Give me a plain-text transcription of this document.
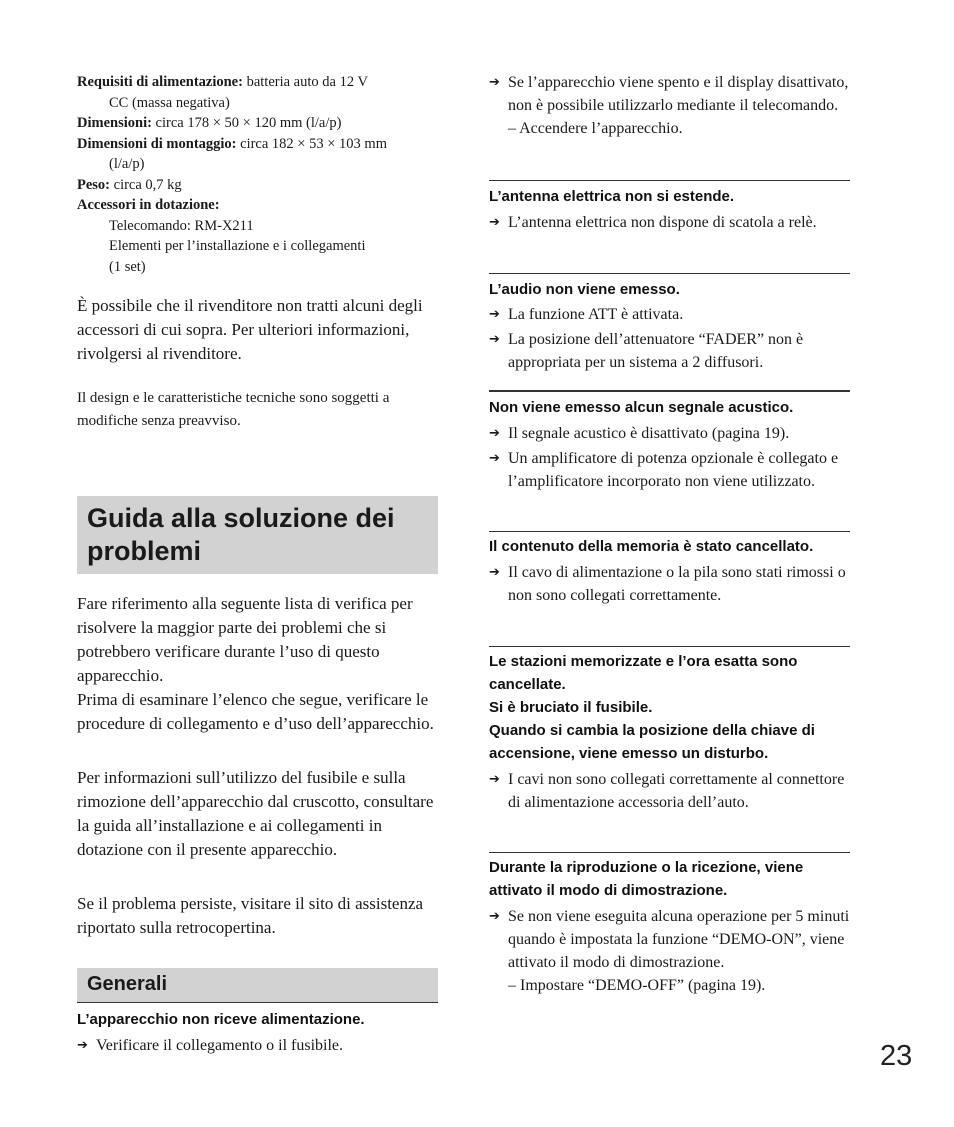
Requisiti di alimentazione: batteria auto da 12 V
CC (massa negativa)
Dimensioni: circa 178 × 50 × 120 mm (l/a/p)
Dimensioni di montaggio: circa 182 × 53 × 103 mm
(l/a/p)
Peso: circa 0,7 kg
Accessori in dotazione:
Telecomando: RM-X211
Elementi per l’installazione e i collegamenti
(1 set)

È possibile che il rivenditore non tratti alcuni degli accessori di cui sopra. Per ulteriori informazioni, rivolgersi al rivenditore.

Il design e le caratteristiche tecniche sono soggetti a modifiche senza preavviso.

Guida alla soluzione dei problemi

Fare riferimento alla seguente lista di verifica per risolvere la maggior parte dei problemi che si potrebbero verificare durante l’uso di questo apparecchio.

Prima di esaminare l’elenco che segue, verificare le procedure di collegamento e d’uso dell’apparecchio.

Per informazioni sull’utilizzo del fusibile e sulla rimozione dell’apparecchio dal cruscotto, consultare la guida all’installazione e ai collegamenti in dotazione con il presente apparecchio.

Se il problema persiste, visitare il sito di assistenza riportato sulla retrocopertina.

Generali
L’apparecchio non riceve alimentazione.
➔ Verificare il collegamento o il fusibile.
➔ Se l’apparecchio viene spento e il display disattivato, non è possibile utilizzarlo mediante il telecomando.
– Accendere l’apparecchio.
L’antenna elettrica non si estende.
➔ L’antenna elettrica non dispone di scatola a relè.
L’audio non viene emesso.
➔ La funzione ATT è attivata.
➔ La posizione dell’attenuatore “FADER” non è appropriata per un sistema a 2 diffusori.
Non viene emesso alcun segnale acustico.
➔ Il segnale acustico è disattivato (pagina 19).
➔ Un amplificatore di potenza opzionale è collegato e l’amplificatore incorporato non viene utilizzato.
Il contenuto della memoria è stato cancellato.
➔ Il cavo di alimentazione o la pila sono stati rimossi o non sono collegati correttamente.
Le stazioni memorizzate e l’ora esatta sono cancellate.
Si è bruciato il fusibile.
Quando si cambia la posizione della chiave di accensione, viene emesso un disturbo.
➔ I cavi non sono collegati correttamente al connettore di alimentazione accessoria dell’auto.
Durante la riproduzione o la ricezione, viene attivato il modo di dimostrazione.
➔ Se non viene eseguita alcuna operazione per 5 minuti quando è impostata la funzione “DEMO-ON”, viene attivato il modo di dimostrazione.
– Impostare “DEMO-OFF” (pagina 19).
23
